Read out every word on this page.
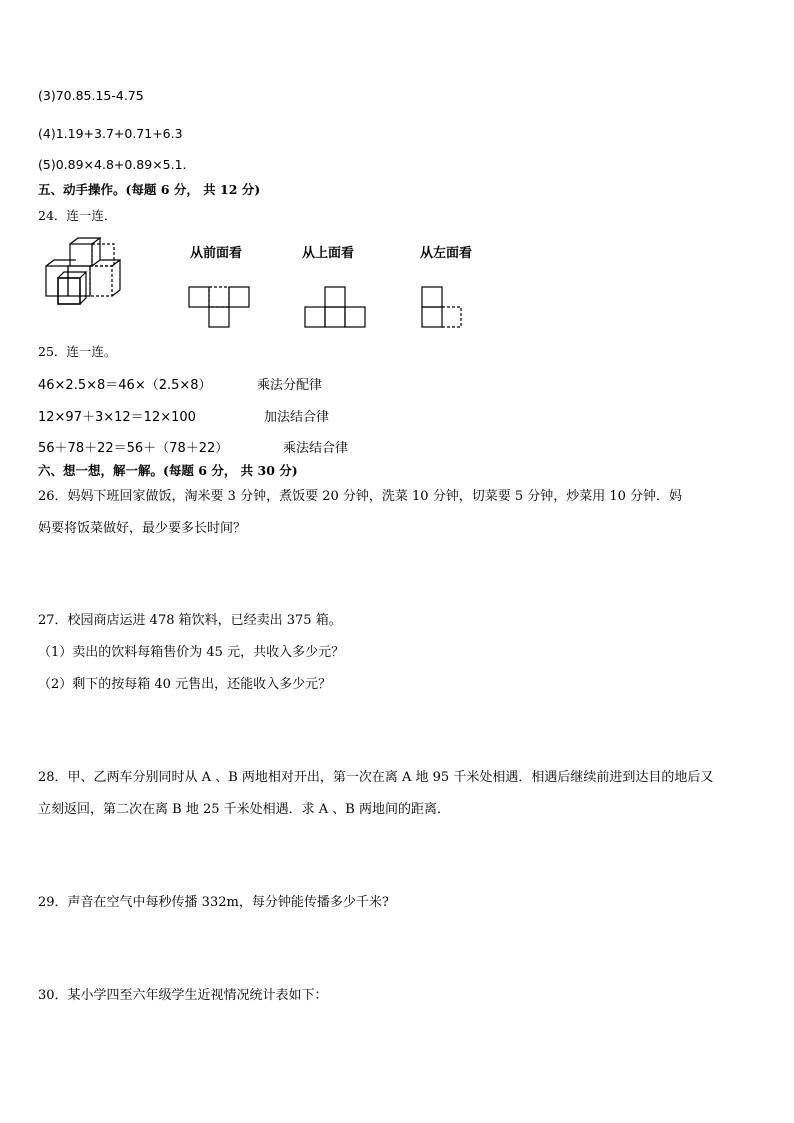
(3)70.85.15-4.75
(4)1.19+3.7+0.71+6.3
(5)0.89×4.8+0.89×5.1.
五、动手操作。(每题 6 分， 共 12 分)
24．连一连．
从前面看	从上面看	从左面看
25．连一连。
46×2.5×8＝46×（2.5×8）	乘法分配律
12×97＋3×12＝12×100	加法结合律
56＋78＋22＝56＋（78＋22）	乘法结合律
六、想一想，解一解。(每题 6 分， 共 30 分)
26．妈妈下班回家做饭，淘米要 3 分钟，煮饭要 20 分钟，洗菜 10 分钟，切菜要 5 分钟，炒菜用 10 分钟．妈
妈要将饭菜做好，最少要多长时间？
27．校园商店运进 478 箱饮料，已经卖出 375 箱。
（1）卖出的饮料每箱售价为 45 元，共收入多少元？
（2）剩下的按每箱 40 元售出，还能收入多少元？
28．甲、乙两车分别同时从 A 、B 两地相对开出，第一次在离 A 地 95 千米处相遇．相遇后继续前进到达目的地后又
立刻返回，第二次在离 B 地 25 千米处相遇．求 A 、B 两地间的距离．
29．声音在空气中每秒传播 332m，每分钟能传播多少千米?
30．某小学四至六年级学生近视情况统计表如下：
